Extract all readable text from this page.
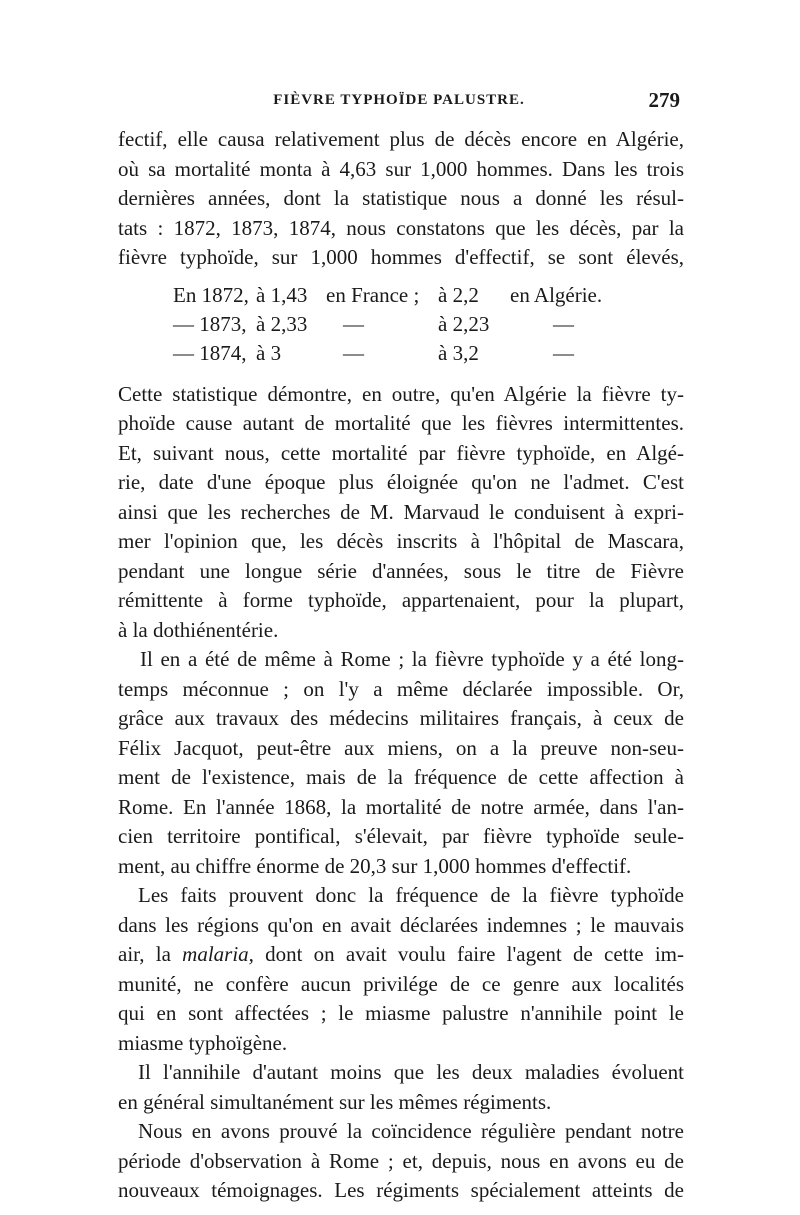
FIÈVRE TYPHOÏDE PALUSTRE.	279
fectif, elle causa relativement plus de décès encore en Algérie,
où sa mortalité monta à 4,63 sur 1,000 hommes. Dans les trois
dernières années, dont la statistique nous a donné les résul-
tats : 1872, 1873, 1874, nous constatons que les décès, par la
fièvre typhoïde, sur 1,000 hommes d'effectif, se sont élevés,
En 1872, à 1,43 en France ; à 2,2 en Algérie.
— 1873, à 2,33 —	à 2,23	—
— 1874, à 3	—	à 3,2	—
Cette statistique démontre, en outre, qu'en Algérie la fièvre ty-
phoïde cause autant de mortalité que les fièvres intermittentes.
Et, suivant nous, cette mortalité par fièvre typhoïde, en Algé-
rie, date d'une époque plus éloignée qu'on ne l'admet. C'est
ainsi que les recherches de M. Marvaud le conduisent à expri-
mer l'opinion que, les décès inscrits à l'hôpital de Mascara,
pendant une longue série d'années, sous le titre de Fièvre
rémittente à forme typhoïde, appartenaient, pour la plupart,
à la dothiénentérie.
Il en a été de même à Rome ; la fièvre typhoïde y a été long-
temps méconnue ; on l'y a même déclarée impossible. Or,
grâce aux travaux des médecins militaires français, à ceux de
Félix Jacquot, peut-être aux miens, on a la preuve non-seu-
ment de l'existence, mais de la fréquence de cette affection à
Rome. En l'année 1868, la mortalité de notre armée, dans l'an-
cien territoire pontifical, s'élevait, par fièvre typhoïde seule-
ment, au chiffre énorme de 20,3 sur 1,000 hommes d'effectif.
Les faits prouvent donc la fréquence de la fièvre typhoïde
dans les régions qu'on en avait déclarées indemnes ; le mauvais
air, la malaria, dont on avait voulu faire l'agent de cette im-
munité, ne confère aucun privilége de ce genre aux localités
qui en sont affectées ; le miasme palustre n'annihile point le
miasme typhoïgène.
Il l'annihile d'autant moins que les deux maladies évoluent
en général simultanément sur les mêmes régiments.
Nous en avons prouvé la coïncidence régulière pendant notre
période d'observation à Rome ; et, depuis, nous en avons eu de
nouveaux témoignages. Les régiments spécialement atteints de
